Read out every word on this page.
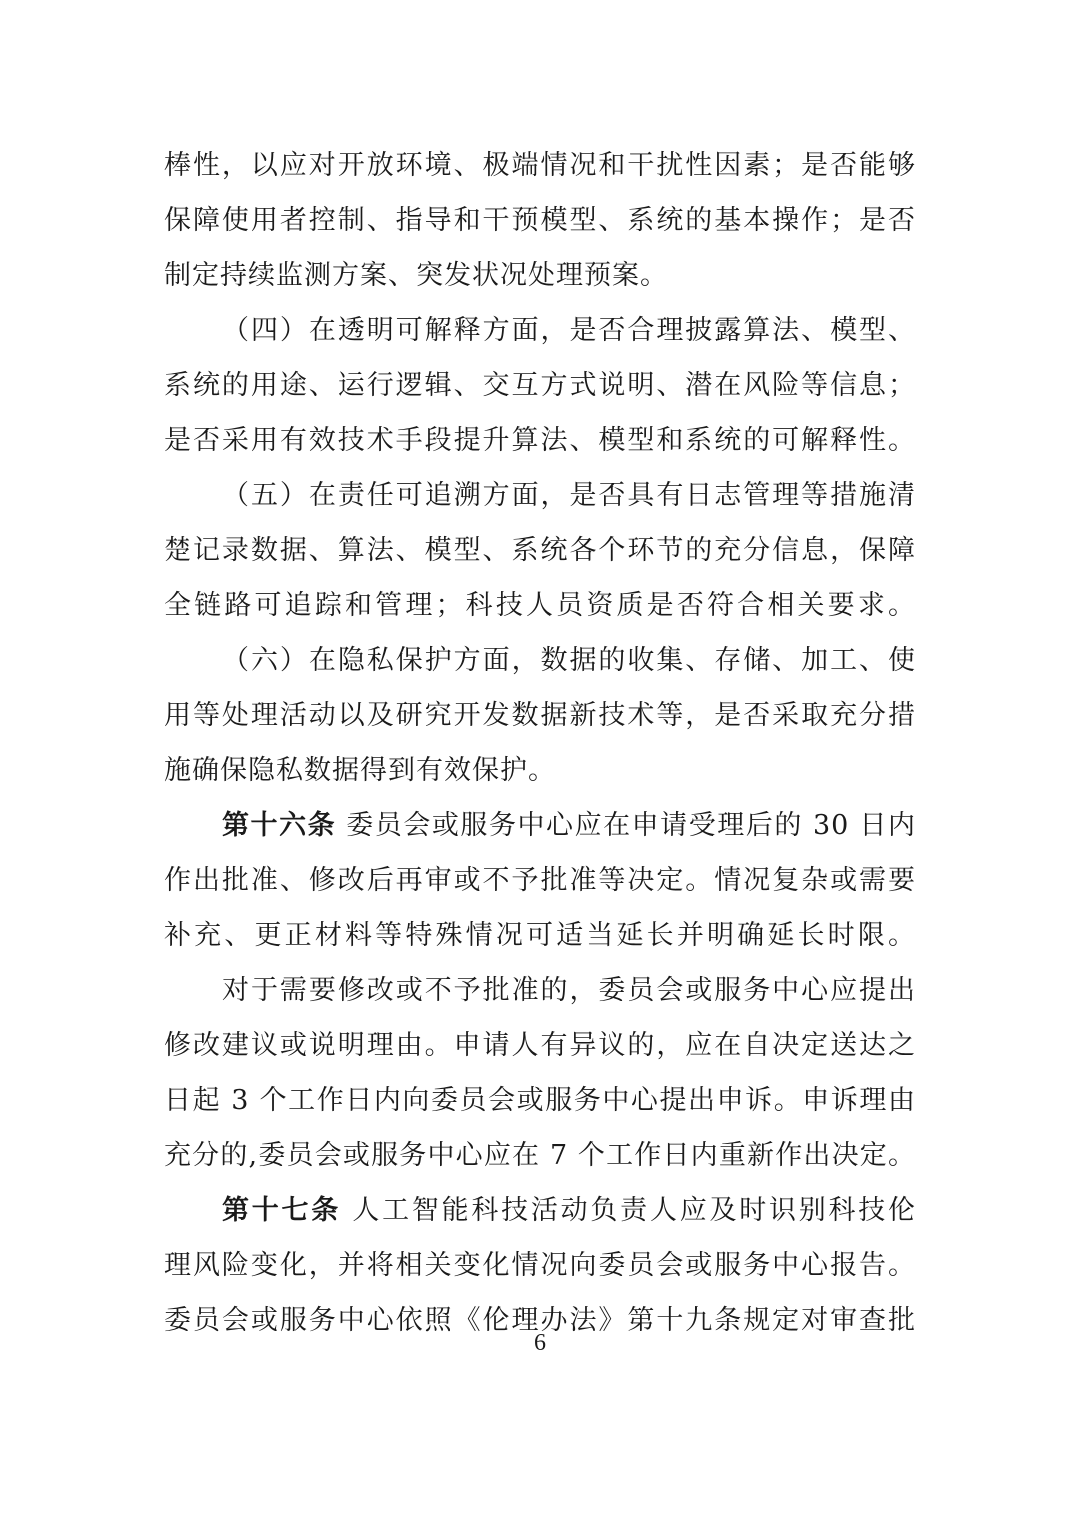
棒性，以应对开放环境、极端情况和干扰性因素；是否能够
保障使用者控制、指导和干预模型、系统的基本操作；是否
制定持续监测方案、突发状况处理预案。
（四）在透明可解释方面，是否合理披露算法、模型、
系统的用途、运行逻辑、交互方式说明、潜在风险等信息；
是否采用有效技术手段提升算法、模型和系统的可解释性。
（五）在责任可追溯方面，是否具有日志管理等措施清
楚记录数据、算法、模型、系统各个环节的充分信息，保障
全链路可追踪和管理；科技人员资质是否符合相关要求。
（六）在隐私保护方面，数据的收集、存储、加工、使
用等处理活动以及研究开发数据新技术等，是否采取充分措
施确保隐私数据得到有效保护。
第十六条 委员会或服务中心应在申请受理后的 30 日内
作出批准、修改后再审或不予批准等决定。情况复杂或需要
补充、更正材料等特殊情况可适当延长并明确延长时限。
对于需要修改或不予批准的，委员会或服务中心应提出
修改建议或说明理由。申请人有异议的，应在自决定送达之
日起 3 个工作日内向委员会或服务中心提出申诉。申诉理由
充分的,委员会或服务中心应在 7 个工作日内重新作出决定。
第十七条 人工智能科技活动负责人应及时识别科技伦
理风险变化，并将相关变化情况向委员会或服务中心报告。
委员会或服务中心依照《伦理办法》第十九条规定对审查批
6
